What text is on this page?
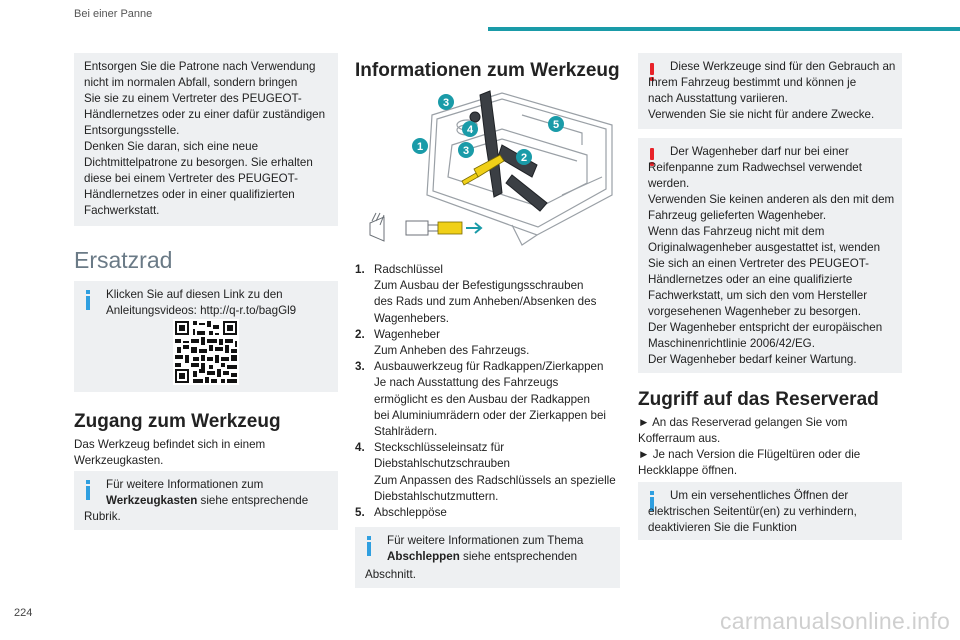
Bei einer Panne

Entsorgen Sie die Patrone nach Verwendung
nicht im normalen Abfall, sondern bringen
Sie sie zu einem Vertreter des PEUGEOT-
Händlernetzes oder zu einer dafür zuständigen
Entsorgungsstelle.
Denken Sie daran, sich eine neue
Dichtmittelpatrone zu besorgen. Sie erhalten
diese bei einem Vertreter des PEUGEOT-
Händlernetzes oder in einer qualifizierten
Fachwerkstatt.

Ersatzrad

Klicken Sie auf diesen Link zu den
Anleitungsvideos: http://q-r.to/bagGl9

Zugang zum Werkzeug
Das Werkzeug befindet sich in einem
Werkzeugkasten.
Für weitere Informationen zum
Werkzeugkasten siehe entsprechende
Rubrik.
Informationen zum Werkzeug
3
4	5
1	3
2
1. Radschlüssel
Zum Ausbau der Befestigungsschrauben
des Rads und zum Anheben/Absenken des
Wagenhebers.
2. Wagenheber
Zum Anheben des Fahrzeugs.
3. Ausbauwerkzeug für Radkappen/Zierkappen
Je nach Ausstattung des Fahrzeugs
ermöglicht es den Ausbau der Radkappen
bei Aluminiumrädern oder der Zierkappen bei
Stahlrädern.
4. Steckschlüsseleinsatz für
Diebstahlschutzschrauben
Zum Anpassen des Radschlüssels an spezielle
Diebstahlschutzmuttern.
5. Abschleppöse
Für weitere Informationen zum Thema
Abschleppen siehe entsprechenden
Abschnitt.

Diese Werkzeuge sind für den Gebrauch an
Ihrem Fahrzeug bestimmt und können je
nach Ausstattung variieren.
Verwenden Sie sie nicht für andere Zwecke.

Der Wagenheber darf nur bei einer
Reifenpanne zum Radwechsel verwendet
werden.
Verwenden Sie keinen anderen als den mit dem
Fahrzeug gelieferten Wagenheber.
Wenn das Fahrzeug nicht mit dem
Originalwagenheber ausgestattet ist, wenden
Sie sich an einen Vertreter des PEUGEOT-
Händlernetzes oder an eine qualifizierte
Fachwerkstatt, um sich den vom Hersteller
vorgesehenen Wagenheber zu besorgen.
Der Wagenheber entspricht der europäischen
Maschinenrichtlinie 2006/42/EG.
Der Wagenheber bedarf keiner Wartung.

Zugriff auf das Reserverad
► An das Reserverad gelangen Sie vom
Kofferraum aus.
► Je nach Version die Flügeltüren oder die
Heckklappe öffnen.

Um ein versehentliches Öffnen der
elektrischen Seitentür(en) zu verhindern,
deaktivieren Sie die Funktion

224	carmanualsonline.info
